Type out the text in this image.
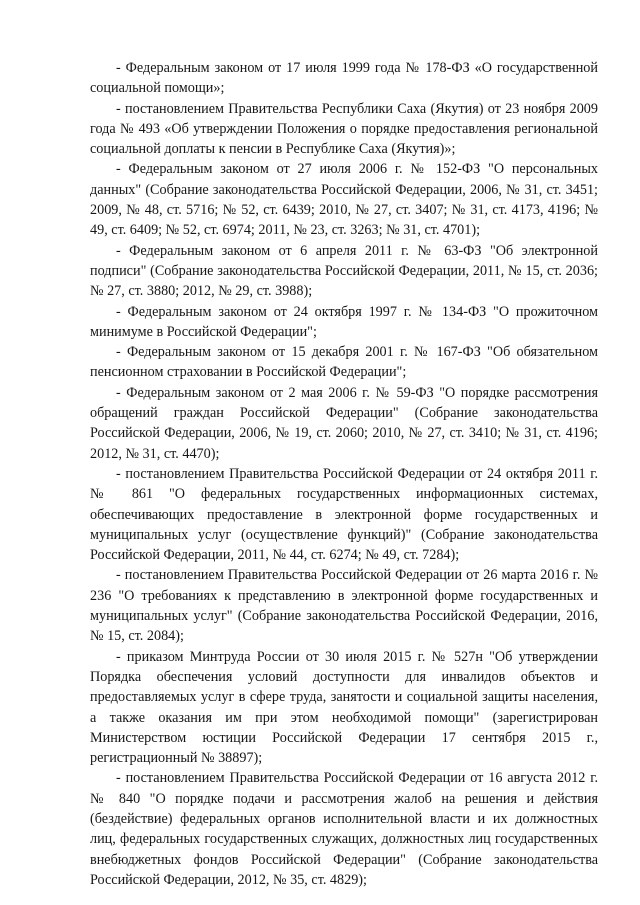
- Федеральным законом от 17 июля 1999 года № 178-ФЗ «О государственной социальной помощи»;

- постановлением Правительства Республики Саха (Якутия) от 23 ноября 2009 года № 493 «Об утверждении Положения о порядке предоставления региональной социальной доплаты к пенсии в Республике Саха (Якутия)»;

- Федеральным законом от 27 июля 2006 г. № 152-ФЗ "О персональных данных" (Собрание законодательства Российской Федерации, 2006, № 31, ст. 3451; 2009, № 48, ст. 5716; № 52, ст. 6439; 2010, № 27, ст. 3407; № 31, ст. 4173, 4196; № 49, ст. 6409; № 52, ст. 6974; 2011, № 23, ст. 3263; № 31, ст. 4701);

- Федеральным законом от 6 апреля 2011 г. № 63-ФЗ "Об электронной подписи" (Собрание законодательства Российской Федерации, 2011, № 15, ст. 2036; № 27, ст. 3880; 2012, № 29, ст. 3988);

- Федеральным законом от 24 октября 1997 г. № 134-ФЗ "О прожиточном минимуме в Российской Федерации";

- Федеральным законом от 15 декабря 2001 г. № 167-ФЗ "Об обязательном пенсионном страховании в Российской Федерации";

- Федеральным законом от 2 мая 2006 г. № 59-ФЗ "О порядке рассмотрения обращений граждан Российской Федерации" (Собрание законодательства Российской Федерации, 2006, № 19, ст. 2060; 2010, № 27, ст. 3410; № 31, ст. 4196; 2012, № 31, ст. 4470);

- постановлением Правительства Российской Федерации от 24 октября 2011 г. № 861 "О федеральных государственных информационных системах, обеспечивающих предоставление в электронной форме государственных и муниципальных услуг (осуществление функций)" (Собрание законодательства Российской Федерации, 2011, № 44, ст. 6274; № 49, ст. 7284);

- постановлением Правительства Российской Федерации от 26 марта 2016 г. № 236 "О требованиях к представлению в электронной форме государственных и муниципальных услуг" (Собрание законодательства Российской Федерации, 2016, № 15, ст. 2084);

- приказом Минтруда России от 30 июля 2015 г. № 527н "Об утверждении Порядка обеспечения условий доступности для инвалидов объектов и предоставляемых услуг в сфере труда, занятости и социальной защиты населения, а также оказания им при этом необходимой помощи" (зарегистрирован Министерством юстиции Российской Федерации 17 сентября 2015 г., регистрационный № 38897);

- постановлением Правительства Российской Федерации от 16 августа 2012 г. № 840 "О порядке подачи и рассмотрения жалоб на решения и действия (бездействие) федеральных органов исполнительной власти и их должностных лиц, федеральных государственных служащих, должностных лиц государственных внебюджетных фондов Российской Федерации" (Собрание законодательства Российской Федерации, 2012, № 35, ст. 4829);
